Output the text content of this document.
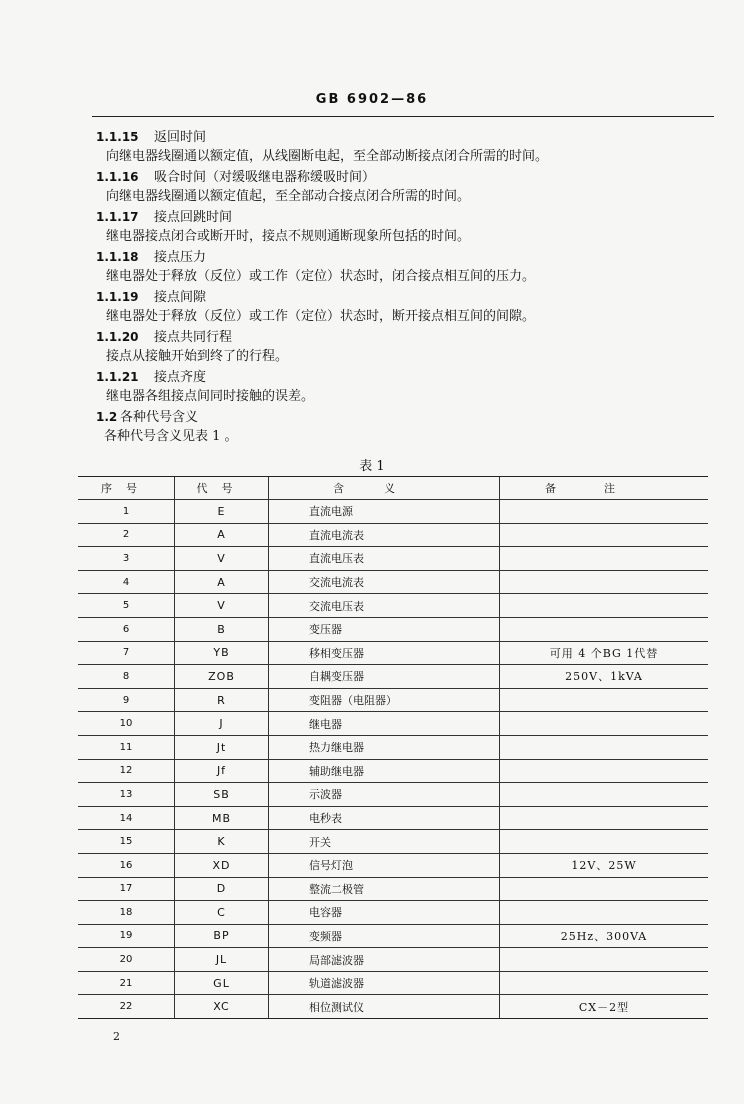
GB 6902—86
1.1.15 返回时间
向继电器线圈通以额定值，从线圈断电起，至全部动断接点闭合所需的时间。
1.1.16 吸合时间（对缓吸继电器称缓吸时间）
向继电器线圈通以额定值起，至全部动合接点闭合所需的时间。
1.1.17 接点回跳时间
继电器接点闭合或断开时，接点不规则通断现象所包括的时间。
1.1.18 接点压力
继电器处于释放（反位）或工作（定位）状态时，闭合接点相互间的压力。
1.1.19 接点间隙
继电器处于释放（反位）或工作（定位）状态时，断开接点相互间的间隙。
1.1.20 接点共同行程
接点从接触开始到终了的行程。
1.1.21 接点齐度
继电器各组接点间同时接触的误差。
1.2 各种代号含义
各种代号含义见表 1 。
表 1
序号	代号	含义	备注
1	E	直流电源	
2	A	直流电流表	
3	V	直流电压表	
4	A	交流电流表	
5	V	交流电压表	
6	B	变压器	
7	YB	移相变压器	可用 4 个BG 1代替
8	ZOB	自耦变压器	250V、1kVA
9	R	变阻器（电阻器）	
10	J	继电器	
11	Jt	热力继电器	
12	Jf	辅助继电器	
13	SB	示波器	
14	MB	电秒表	
15	K	开关	
16	XD	信号灯泡	12V、25W
17	D	整流二极管	
18	C	电容器	
19	BP	变频器	25Hz、300VA
20	JL	局部滤波器	
21	GL	轨道滤波器	
22	XC	相位测试仪	CX－2型
2
